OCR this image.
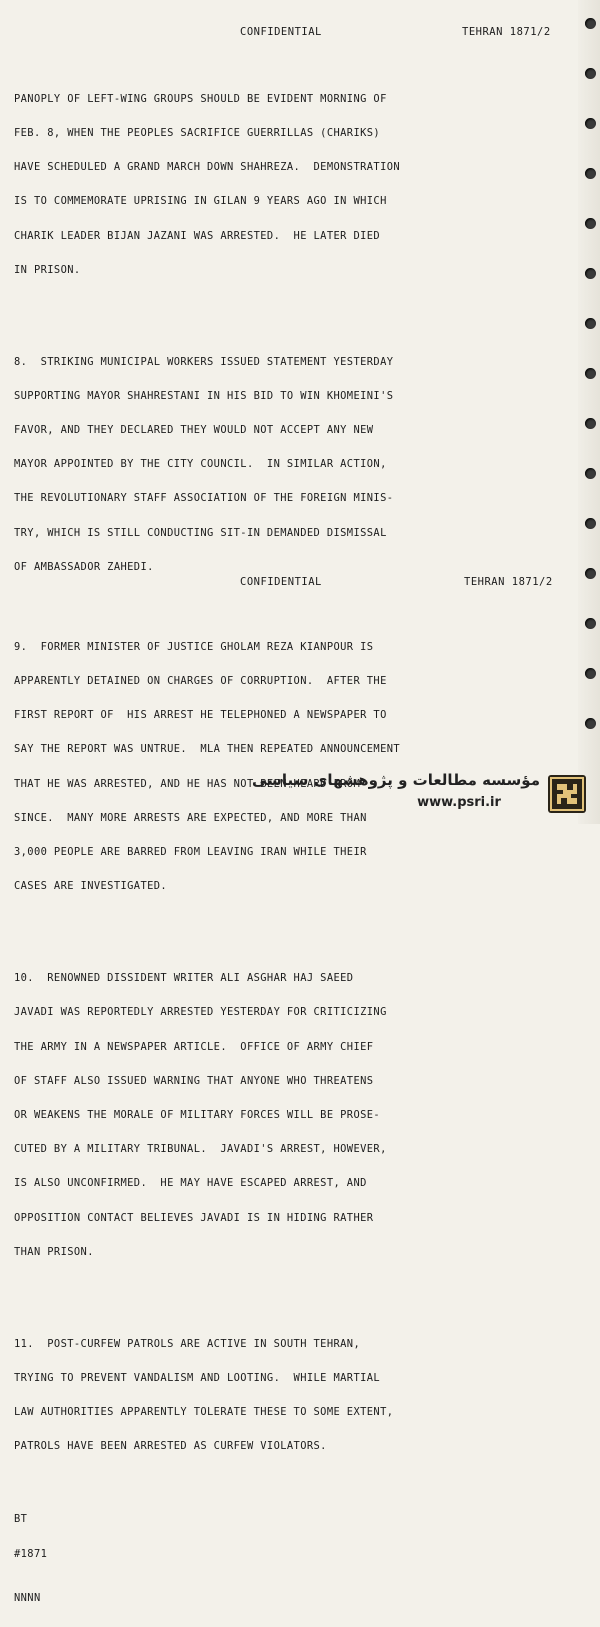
CONFIDENTIAL	TEHRAN 1871/2

PANOPLY OF LEFT-WING GROUPS SHOULD BE EVIDENT MORNING OF

FEB. 8, WHEN THE PEOPLES SACRIFICE GUERRILLAS (CHARIKS)

HAVE SCHEDULED A GRAND MARCH DOWN SHAHREZA.  DEMONSTRATION

IS TO COMMEMORATE UPRISING IN GILAN 9 YEARS AGO IN WHICH

CHARIK LEADER BIJAN JAZANI WAS ARRESTED.  HE LATER DIED

IN PRISON.

8.  STRIKING MUNICIPAL WORKERS ISSUED STATEMENT YESTERDAY

SUPPORTING MAYOR SHAHRESTANI IN HIS BID TO WIN KHOMEINI'S

FAVOR, AND THEY DECLARED THEY WOULD NOT ACCEPT ANY NEW

MAYOR APPOINTED BY THE CITY COUNCIL.  IN SIMILAR ACTION,

THE REVOLUTIONARY STAFF ASSOCIATION OF THE FOREIGN MINIS-

TRY, WHICH IS STILL CONDUCTING SIT-IN DEMANDED DISMISSAL

OF AMBASSADOR ZAHEDI.

9.  FORMER MINISTER OF JUSTICE GHOLAM REZA KIANPOUR IS

APPARENTLY DETAINED ON CHARGES OF CORRUPTION.  AFTER THE

FIRST REPORT OF  HIS ARREST HE TELEPHONED A NEWSPAPER TO

SAY THE REPORT WAS UNTRUE.  MLA THEN REPEATED ANNOUNCEMENT

THAT HE WAS ARRESTED, AND HE HAS NOT BEEN HEARD FROM

SINCE.  MANY MORE ARRESTS ARE EXPECTED, AND MORE THAN

3,000 PEOPLE ARE BARRED FROM LEAVING IRAN WHILE THEIR

CASES ARE INVESTIGATED.

10.  RENOWNED DISSIDENT WRITER ALI ASGHAR HAJ SAEED

JAVADI WAS REPORTEDLY ARRESTED YESTERDAY FOR CRITICIZING

THE ARMY IN A NEWSPAPER ARTICLE.  OFFICE OF ARMY CHIEF

OF STAFF ALSO ISSUED WARNING THAT ANYONE WHO THREATENS

OR WEAKENS THE MORALE OF MILITARY FORCES WILL BE PROSE-

CUTED BY A MILITARY TRIBUNAL.  JAVADI'S ARREST, HOWEVER,

IS ALSO UNCONFIRMED.  HE MAY HAVE ESCAPED ARREST, AND

OPPOSITION CONTACT BELIEVES JAVADI IS IN HIDING RATHER

THAN PRISON.

11.  POST-CURFEW PATROLS ARE ACTIVE IN SOUTH TEHRAN,

TRYING TO PREVENT VANDALISM AND LOOTING.  WHILE MARTIAL

LAW AUTHORITIES APPARENTLY TOLERATE THESE TO SOME EXTENT,

PATROLS HAVE BEEN ARRESTED AS CURFEW VIOLATORS.

BT

#1871

NNNN

CONFIDENTIAL	TEHRAN 1871/2
مؤسسه مطالعات و پژوهشهای سیاسی
www.psri.ir
